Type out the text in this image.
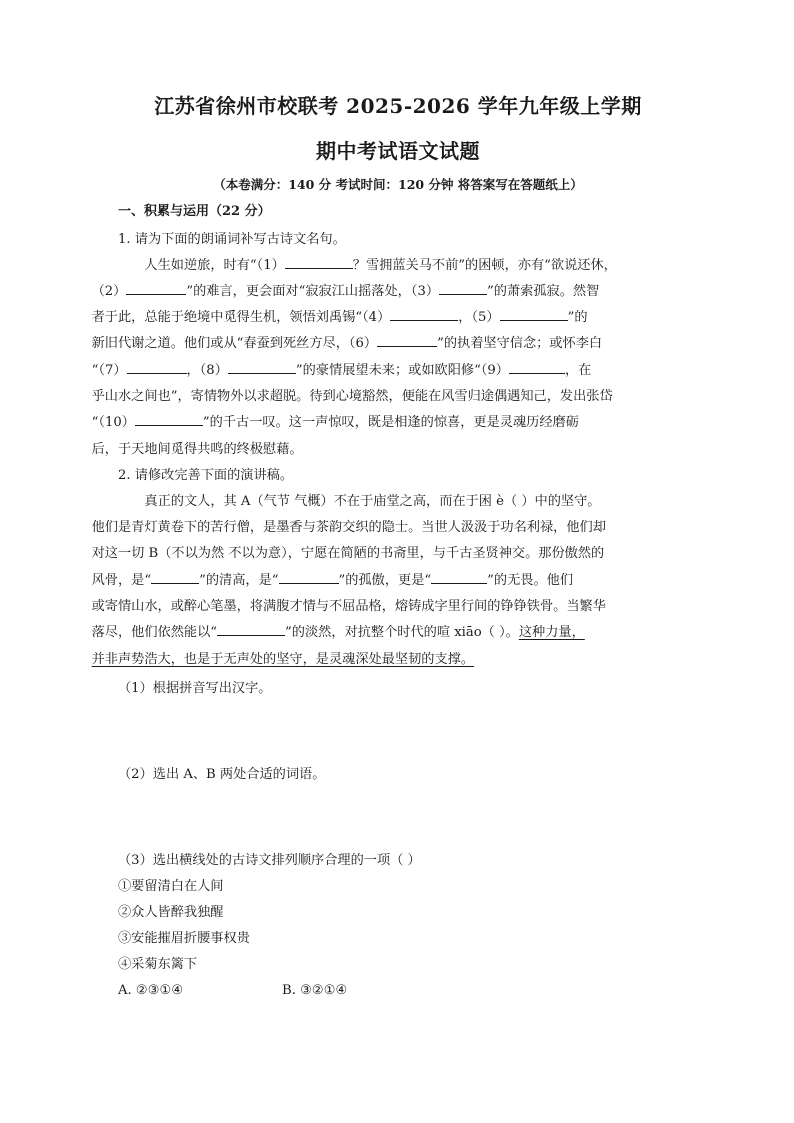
江苏省徐州市校联考 2025-2026 学年九年级上学期
期中考试语文试题
（本卷满分：140 分 考试时间：120 分钟 将答案写在答题纸上）
一、积累与运用（22 分）

1. 请为下面的朗诵词补写古诗文名句。

人生如逆旅，时有“（1）	？雪拥蓝关马不前”的困顿，亦有“欲说还休，
（2）	”的难言，更会面对“寂寂江山摇落处，（3）	”的萧索孤寂。然智
者于此，总能于绝境中觅得生机，领悟刘禹锡“（4）	，（5）	”的
新旧代谢之道。他们或从“春蚕到死丝方尽，（6）	”的执着坚守信念；或怀李白
“（7）	，（8）	”的豪情展望未来；或如欧阳修“（9）	，在
乎山水之间也”，寄情物外以求超脱。待到心境豁然，便能在风雪归途偶遇知己，发出张岱
“（10）	”的千古一叹。这一声惊叹，既是相逢的惊喜，更是灵魂历经磨砺
后，于天地间觅得共鸣的终极慰藉。

2. 请修改完善下面的演讲稿。

真正的文人，其 A（气节 气概）不在于庙堂之高，而在于困 è（ ）中的坚守。
他们是青灯黄卷下的苦行僧，是墨香与茶韵交织的隐士。当世人汲汲于功名利禄，他们却
对这一切 B（不以为然 不以为意），宁愿在简陋的书斋里，与千古圣贤神交。那份傲然的
风骨，是“	”的清高，是“	”的孤傲，更是“	”的无畏。他们
或寄情山水，或醉心笔墨，将满腹才情与不屈品格，熔铸成字里行间的铮铮铁骨。当繁华
落尽，他们依然能以“	”的淡然，对抗整个时代的喧 xiāo（ ）。这种力量，
并非声势浩大，也是于无声处的坚守，是灵魂深处最坚韧的支撑。

（1）根据拼音写出汉字。

（2）选出 A、B 两处合适的词语。

（3）选出横线处的古诗文排列顺序合理的一项（ ）

①要留清白在人间

②众人皆醉我独醒

③安能摧眉折腰事权贵

④采菊东篱下

A. ②③①④	B. ③②①④
